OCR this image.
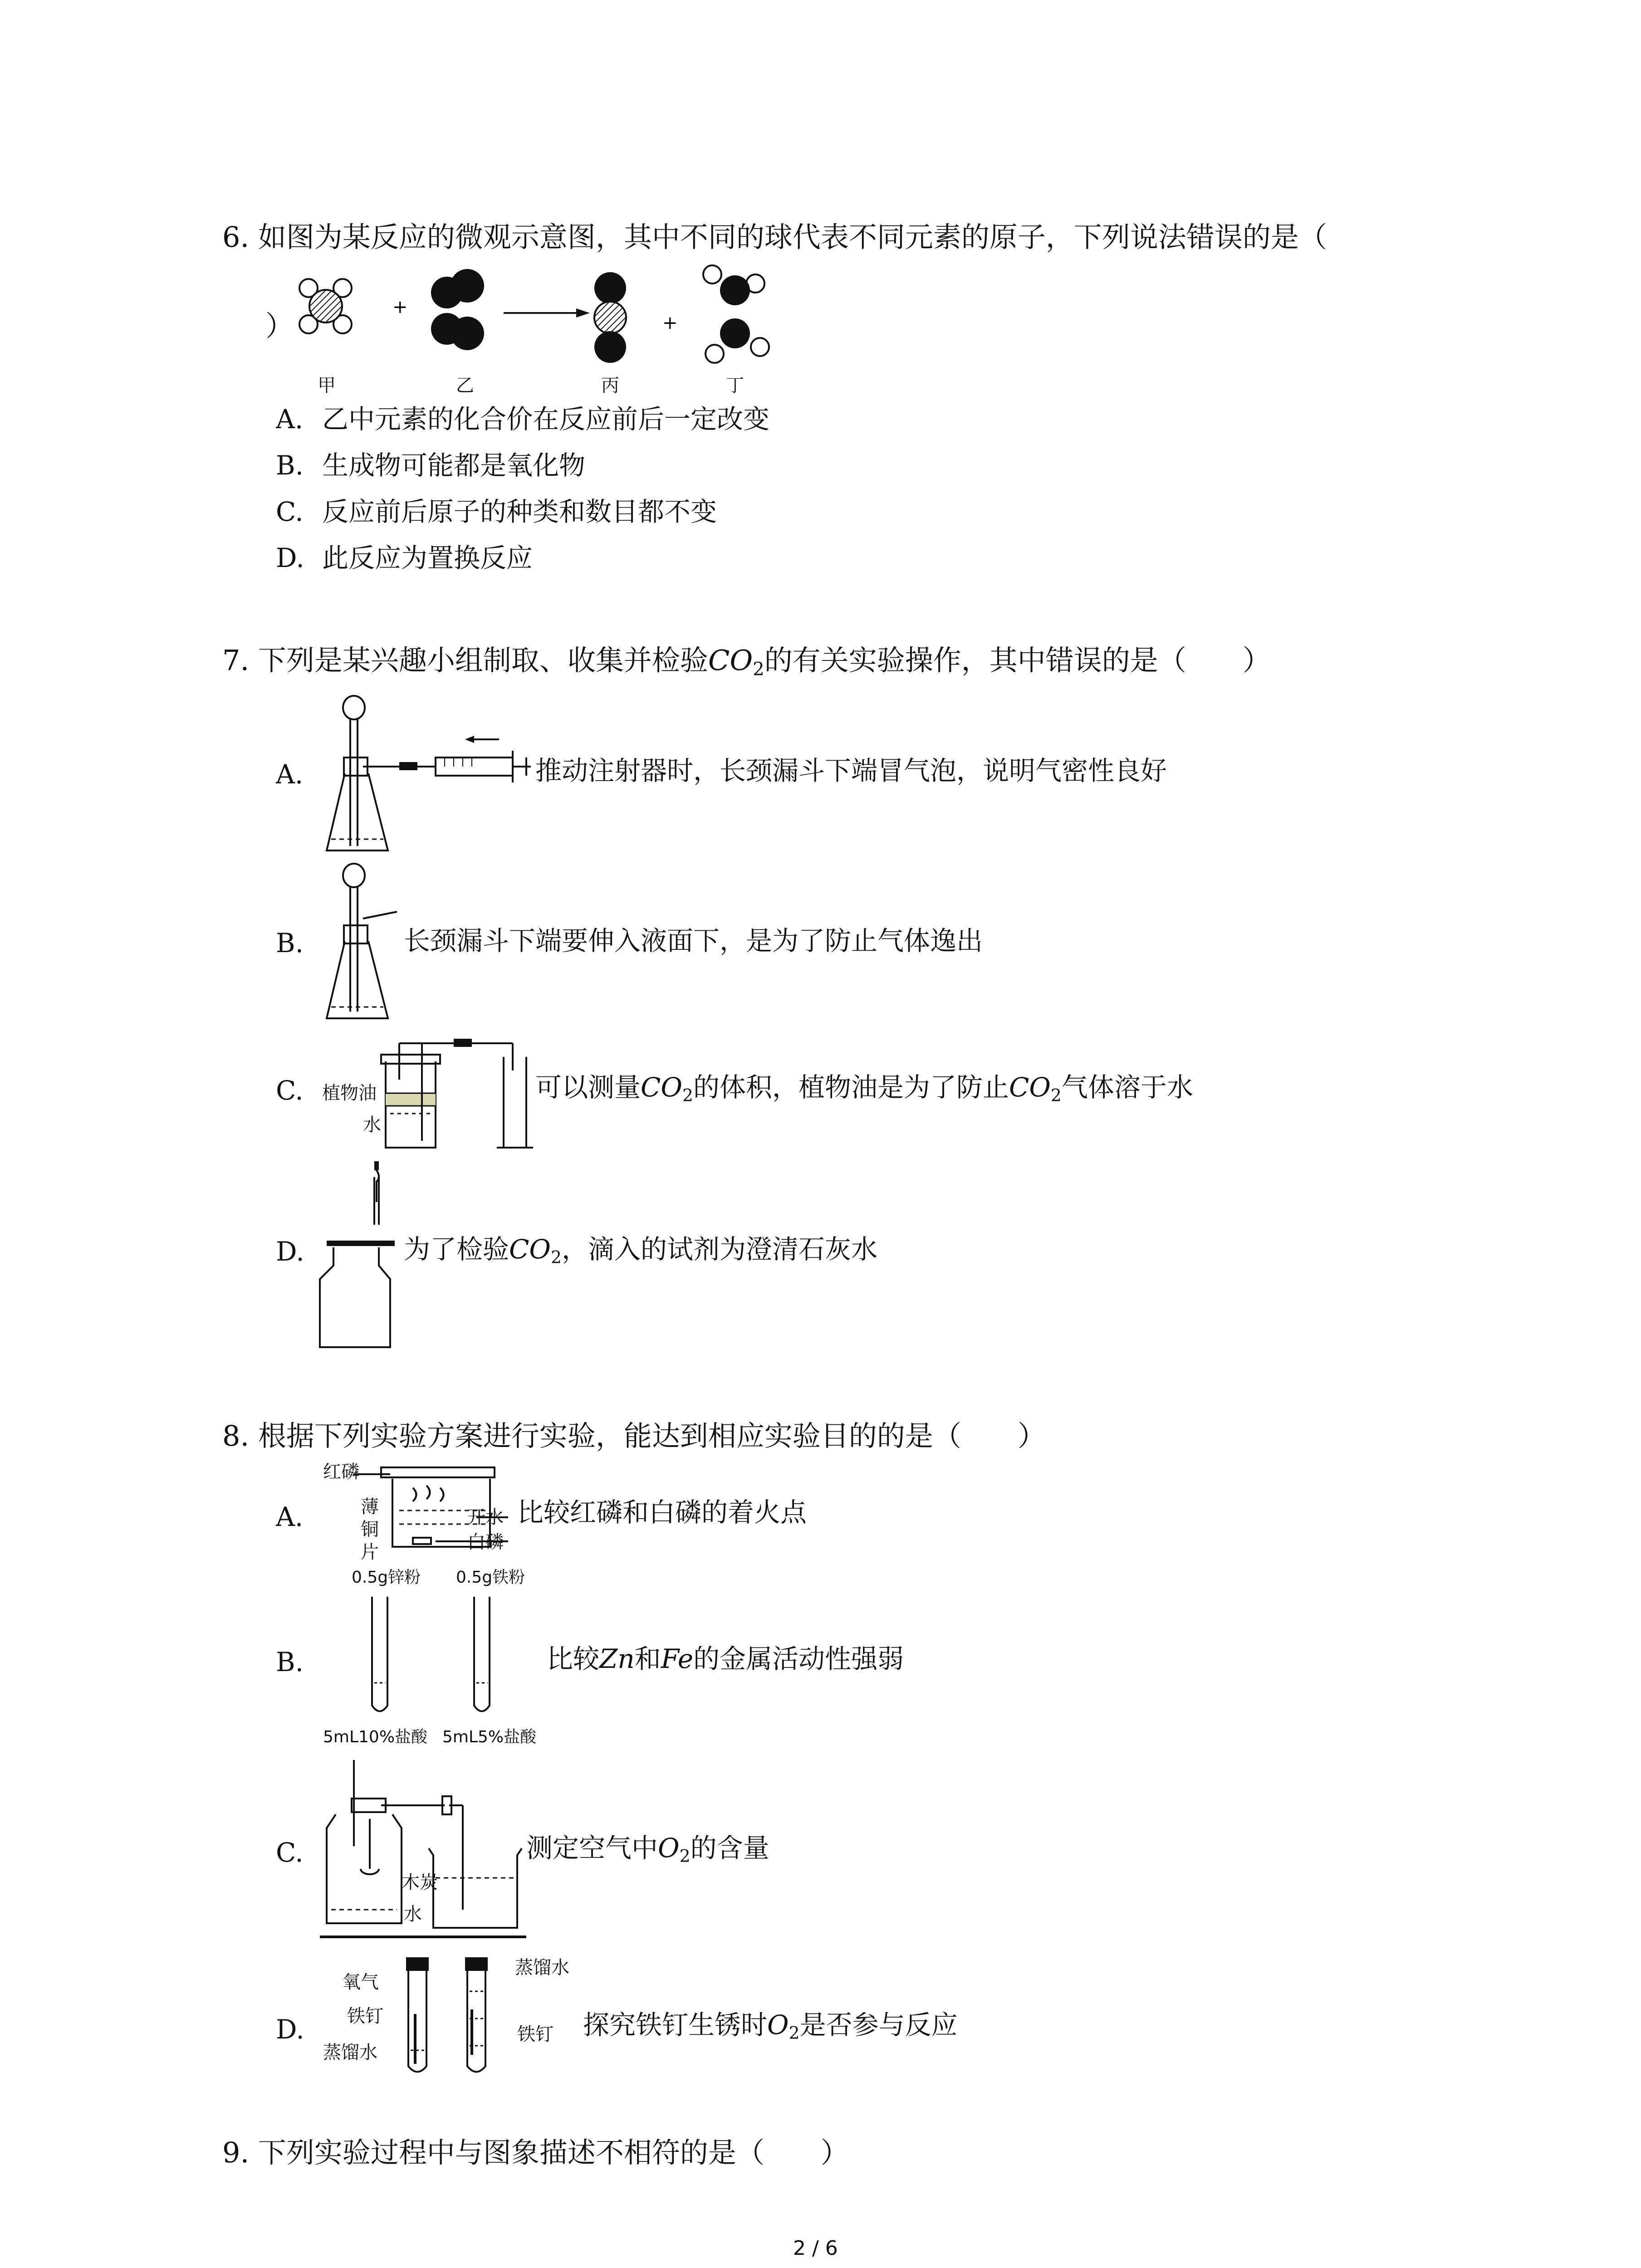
6. 如图为某反应的微观示意图，其中不同的球代表不同元素的原子，下列说法错误的是（
）
+
+
甲	乙	丙	丁
A. 乙中元素的化合价在反应前后一定改变
B. 生成物可能都是氧化物
C. 反应前后原子的种类和数目都不变
D. 此反应为置换反应
7. 下列是某兴趣小组制取、收集并检验$CO_2$的有关实验操作，其中错误的是（　　）
A.	推动注射器时，长颈漏斗下端冒气泡，说明气密性良好
B.	长颈漏斗下端要伸入液面下，是为了防止气体逸出
C. 植物油
水
可以测量$CO_2$的体积，植物油是为了防止$CO_2$气体溶于水
D.	为了检验$CO_2$，滴入的试剂为澄清石灰水
8. 根据下列实验方案进行实验，能达到相应实验目的的是（　　）
A.
红磷
薄
铜
片
开水
白磷
比较红磷和白磷的着火点
0.5g锌粉 0.5g铁粉
B.	比较Zn和Fe的金属活动性强弱
5mL10%盐酸 5mL5%盐酸
C.
木炭
水
测定空气中$O_2$的含量
D.
氧气
铁钉
蒸馏水
蒸馏水
铁钉 探究铁钉生锈时$O_2$是否参与反应
9. 下列实验过程中与图象描述不相符的是（　　）
2 / 6
